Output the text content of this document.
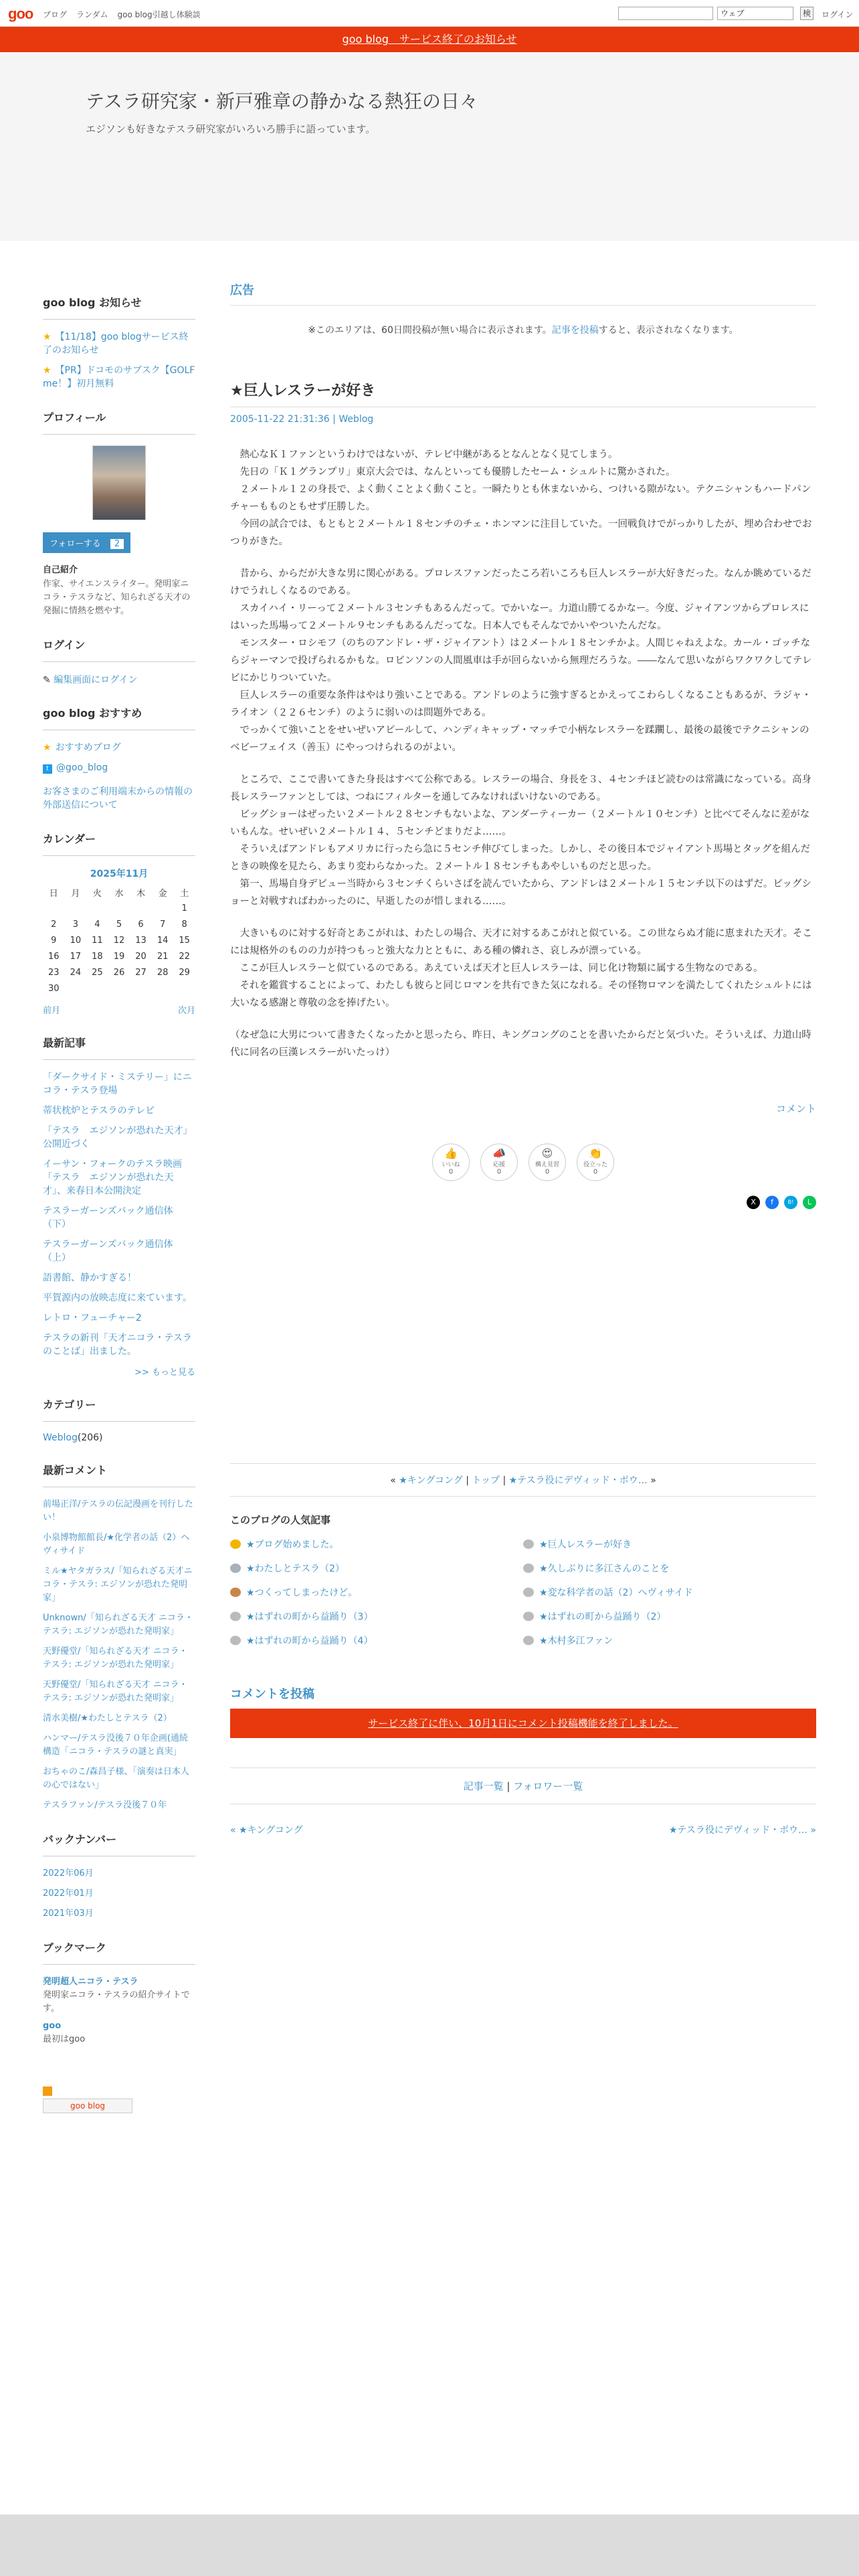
goo ブログ ランダム goo blog引越し体験談	ウェブ	検	ログイン
goo blog　サービス終了のお知らせ
テスラ研究家・新戸雅章の静かなる熱狂の日々
エジソンも好きなテスラ研究家がいろいろ勝手に語っています。
goo blog お知らせ
★ 【11/18】goo blogサービス終了のお知らせ
★ 【PR】ドコモのサブスク【GOLF me！】初月無料
プロフィール
フォローする 2
自己紹介
作家、サイエンスライター。発明家ニコラ・テスラなど、知られざる天才の発掘に情熱を燃やす。
ログイン
✎ 編集画面にログイン
goo blog おすすめ
★ おすすめブログ
t @goo_blog
お客さまのご利用端末からの情報の外部送信について
カレンダー
2025年11月
日	月	火	水	木	金	土
						1
2	3	4	5	6	7	8
9	10	11	12	13	14	15
16	17	18	19	20	21	22
23	24	25	26	27	28	29
30						
前月	次月
最新記事
「ダークサイド・ミステリー」にニコラ・テスラ登場
蒂状枕炉とテスラのテレビ
「テスラ　エジソンが恐れた天才」公開近づく
イーサン・フォークのテスラ映画「テスラ　エジソンが恐れた天才」、来春日本公開決定
テスラーガーンズバック通信体（下）
テスラーガーンズバック通信体（上）
語書館、静かすぎる！
平賀源内の放映志度に来ています。
レトロ・フューチャー2
テスラの新刊「天才ニコラ・テスラのことば」出ました。
>> もっと見る
カテゴリー
Weblog(206)
最新コメント
前場正洋/テスラの伝記漫画を刊行したい！
小泉博物館館長/★化学者の話（2）ヘヴィサイド
ミル★ヤタガラス/「知られざる天才ニコラ・テスラ: エジソンが恐れた発明家」
Unknown/「知られざる天才 ニコラ・テスラ: エジソンが恐れた発明家」
天野優堂/「知られざる天才 ニコラ・テスラ: エジソンが恐れた発明家」
天野優堂/「知られざる天才 ニコラ・テスラ: エジソンが恐れた発明家」
清水美樹/★わたしとテスラ（2）
ハンマー/テスラ没後７０年企画(通続構造「ニコラ・テスラの謎と真実」
おちゃのこ/森昌子様、「演奏は日本人の心ではない」
テスラファン/テスラ没後７０年
バックナンバー
2022年06月
2022年01月
2021年03月
ブックマーク
発明超人ニコラ・テスラ
発明家ニコラ・テスラの紹介サイトです。
goo
最初はgoo
goo blog
広告
※このエリアは、60日間投稿が無い場合に表示されます。記事を投稿すると、表示されなくなります。
★巨人レスラーが好き
2005-11-22 21:31:36 | Weblog

　熱心なＫ１ファンというわけではないが、テレビ中継があるとなんとなく見てしまう。
　先日の「Ｋ１グランプリ」東京大会では、なんといっても優勝したセーム・シュルトに驚かされた。
　２メートル１２の身長で、よく動くことよく動くこと。一瞬たりとも休まないから、つけいる隙がない。テクニシャンもハードパンチャーもものともせず圧勝した。
　今回の試合では、もともと２メートル１８センチのチェ・ホンマンに注目していた。一回戦負けでがっかりしたが、埋め合わせでおつりがきた。

　昔から、からだが大きな男に関心がある。プロレスファンだったころ若いころも巨人レスラーが大好きだった。なんか眺めているだけでうれしくなるのである。
　スカイハイ・リーって２メートル３センチもあるんだって。でかいなー。力道山勝てるかなー。今度、ジャイアンツからプロレスにはいった馬場って２メートル９センチもあるんだってな。日本人でもそんなでかいやついたんだな。
　モンスター・ロシモフ（のちのアンドレ・ザ・ジャイアント）は２メートル１８センチかよ。人間じゃねえよな。カール・ゴッチならジャーマンで投げられるかもな。ロビンソンの人間風車は手が回らないから無理だろうな。――なんて思いながらワクワクしてテレビにかじりついていた。
　巨人レスラーの重要な条件はやはり強いことである。アンドレのように強すぎるとかえってこわらしくなることもあるが、ラジャ・ライオン（２２６センチ）のように弱いのは問題外である。
　でっかくて強いことをせいぜいアピールして、ハンディキャップ・マッチで小柄なレスラーを蹂躙し、最後の最後でテクニシャンのベビーフェイス（善玉）にやっつけられるのがよい。

　ところで、ここで書いてきた身長はすべて公称である。レスラーの場合、身長を３、４センチほど読むのは常識になっている。高身長レスラーファンとしては、つねにフィルターを通してみなければいけないのである。
　ビッグショーはぜったい２メートル２８センチもないよな、アンダーティーカー（２メートル１０センチ）と比べてそんなに差がないもんな。せいぜい２メートル１４、５センチどまりだよ……。
　そういえばアンドレもアメリカに行ったら急に５センチ伸びてしまった。しかし、その後日本でジャイアント馬場とタッグを組んだときの映像を見たら、あまり変わらなかった。２メートル１８センチもあやしいものだと思った。
　第一、馬場自身デビュー当時から３センチくらいさばを読んでいたから、アンドレは２メートル１５センチ以下のはずだ。ビッグショーと対戦すればわかったのに、早逝したのが惜しまれる……。

　大きいものに対する好奇とあこがれは、わたしの場合、天才に対するあこがれと似ている。この世ならぬ才能に恵まれた天才。そこには規格外のものの力が持つもっと強大な力とともに、ある種の憐れさ、哀しみが漂っている。
　ここが巨人レスラーと似ているのである。あえていえば天才と巨人レスラーは、同じ化け物類に属する生物なのである。
　それを鑑賞することによって、わたしも彼らと同じロマンを共有できた気になれる。その怪物ロマンを満たしてくれたシュルトには大いなる感謝と尊敬の念を捧げたい。

（なぜ急に大男について書きたくなったかと思ったら、昨日、キングコングのことを書いたからだと気づいた。そういえば、力道山時代に同名の巨漢レスラーがいたっけ）

コメント
👍
いいね
0
📣
応援
0
😍
構え見習
0
👏
役立った
0
X	f	B!	L
« ★キングコング | トップ | ★テスラ役にデヴィッド・ボウ… »
このブログの人気記事
★ブログ始めました。	★巨人レスラーが好き
★わたしとテスラ（2）	★久しぶりに多江さんのことを
★つくってしまったけど。	★変な科学者の話（2）ヘヴィサイド
★はずれの町から益踊り（3）	★はずれの町から益踊り（2）
★はずれの町から益踊り（4）	★木村多江ファン
コメントを投稿
サービス終了に伴い、10月1日にコメント投稿機能を終了しました。
記事一覧 | フォロワー一覧
« ★キングコング	★テスラ役にデヴィッド・ボウ… »
